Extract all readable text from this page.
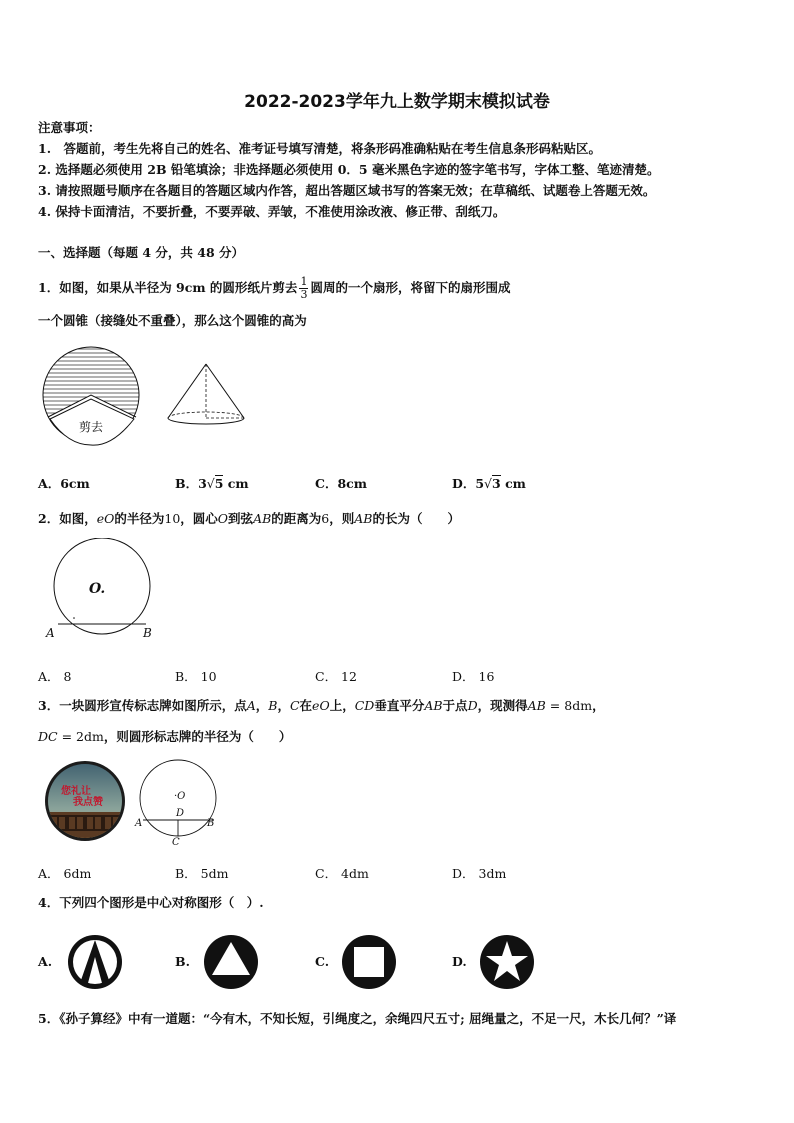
2022-2023学年九上数学期末模拟试卷
注意事项：
1.　答题前，考生先将自己的姓名、准考证号填写清楚，将条形码准确粘贴在考生信息条形码粘贴区。
2. 选择题必须使用 2B 铅笔填涂；非选择题必须使用 0．5 毫米黑色字迹的签字笔书写，字体工整、笔迹清楚。
3. 请按照题号顺序在各题目的答题区域内作答，超出答题区域书写的答案无效；在草稿纸、试题卷上答题无效。
4. 保持卡面清洁，不要折叠，不要弄破、弄皱，不准使用涂改液、修正带、刮纸刀。
一、选择题（每题 4 分，共 48 分）
1．如图，如果从半径为 9cm 的圆形纸片剪去 $\frac{1}{3}$ 圆周的一个扇形，将留下的扇形围成
一个圆锥（接缝处不重叠），那么这个圆锥的高为
剪去
A．6cm	B．3√5 cm	C．8cm	D．5√3 cm
2．如图，eO的半径为10，圆心O到弦AB的距离为6，则AB的长为（　　）
O.
A	B
A． 8	B． 10	C． 12	D． 16
3．一块圆形宣传标志牌如图所示，点A，B，C在eO上，CD垂直平分AB于点D，现测得AB = 8dm，
DC = 2dm，则圆形标志牌的半径为（　　）
您礼让
我点赞
·O
D
A	B
C
A． 6dm	B． 5dm	C． 4dm	D． 3dm
4．下列四个图形是中心对称图形（　）.
A.	B.	C.	D.
5．《孙子算经》中有一道题：“今有木，不知长短，引绳度之，余绳四尺五寸; 屈绳量之，不足一尺，木长几何？”译
